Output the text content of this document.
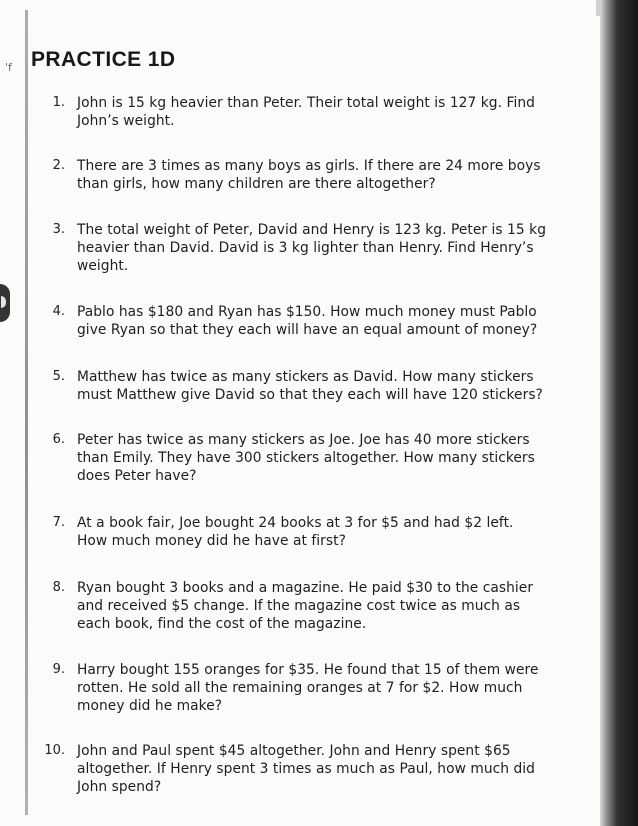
'f PRACTICE 1D
1. John is 15 kg heavier than Peter. Their total weight is 127 kg. Find John’s weight.
2. There are 3 times as many boys as girls. If there are 24 more boys than girls, how many children are there altogether?
3. The total weight of Peter, David and Henry is 123 kg. Peter is 15 kg heavier than David. David is 3 kg lighter than Henry. Find Henry’s weight.
4. Pablo has $180 and Ryan has $150. How much money must Pablo give Ryan so that they each will have an equal amount of money?
5. Matthew has twice as many stickers as David. How many stickers must Matthew give David so that they each will have 120 stickers?
6. Peter has twice as many stickers as Joe. Joe has 40 more stickers than Emily. They have 300 stickers altogether. How many stickers does Peter have?
7. At a book fair, Joe bought 24 books at 3 for $5 and had $2 left. How much money did he have at first?
8. Ryan bought 3 books and a magazine. He paid $30 to the cashier and received $5 change. If the magazine cost twice as much as each book, find the cost of the magazine.
9. Harry bought 155 oranges for $35. He found that 15 of them were rotten. He sold all the remaining oranges at 7 for $2. How much money did he make?
10. John and Paul spent $45 altogether. John and Henry spent $65 altogether. If Henry spent 3 times as much as Paul, how much did John spend?
